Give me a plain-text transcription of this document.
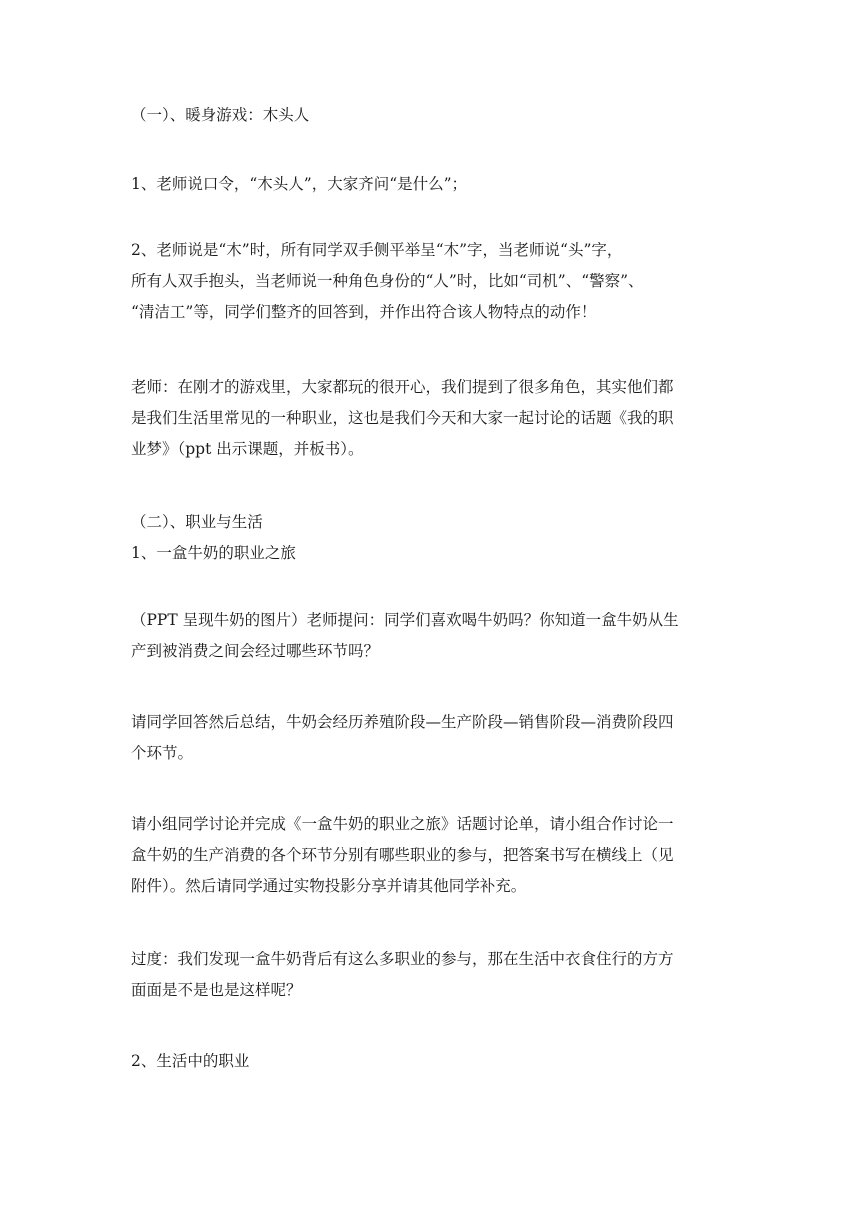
（一）、暖身游戏：木头人

1、老师说口令，“木头人”，大家齐问“是什么”；

2、老师说是“木”时，所有同学双手侧平举呈“木”字，当老师说“头”字，
所有人双手抱头，当老师说一种角色身份的“人”时，比如“司机”、“警察”、
“清洁工”等，同学们整齐的回答到，并作出符合该人物特点的动作！

老师：在刚才的游戏里，大家都玩的很开心，我们提到了很多角色，其实他们都
是我们生活里常见的一种职业，这也是我们今天和大家一起讨论的话题《我的职
业梦》（ppt 出示课题，并板书）。

（二）、职业与生活

1、一盒牛奶的职业之旅

（PPT 呈现牛奶的图片）老师提问：同学们喜欢喝牛奶吗？你知道一盒牛奶从生
产到被消费之间会经过哪些环节吗？

请同学回答然后总结，牛奶会经历养殖阶段—生产阶段—销售阶段—消费阶段四
个环节。

请小组同学讨论并完成《一盒牛奶的职业之旅》话题讨论单，请小组合作讨论一
盒牛奶的生产消费的各个环节分别有哪些职业的参与，把答案书写在横线上（见
附件）。然后请同学通过实物投影分享并请其他同学补充。

过度：我们发现一盒牛奶背后有这么多职业的参与，那在生活中衣食住行的方方
面面是不是也是这样呢？

2、生活中的职业
